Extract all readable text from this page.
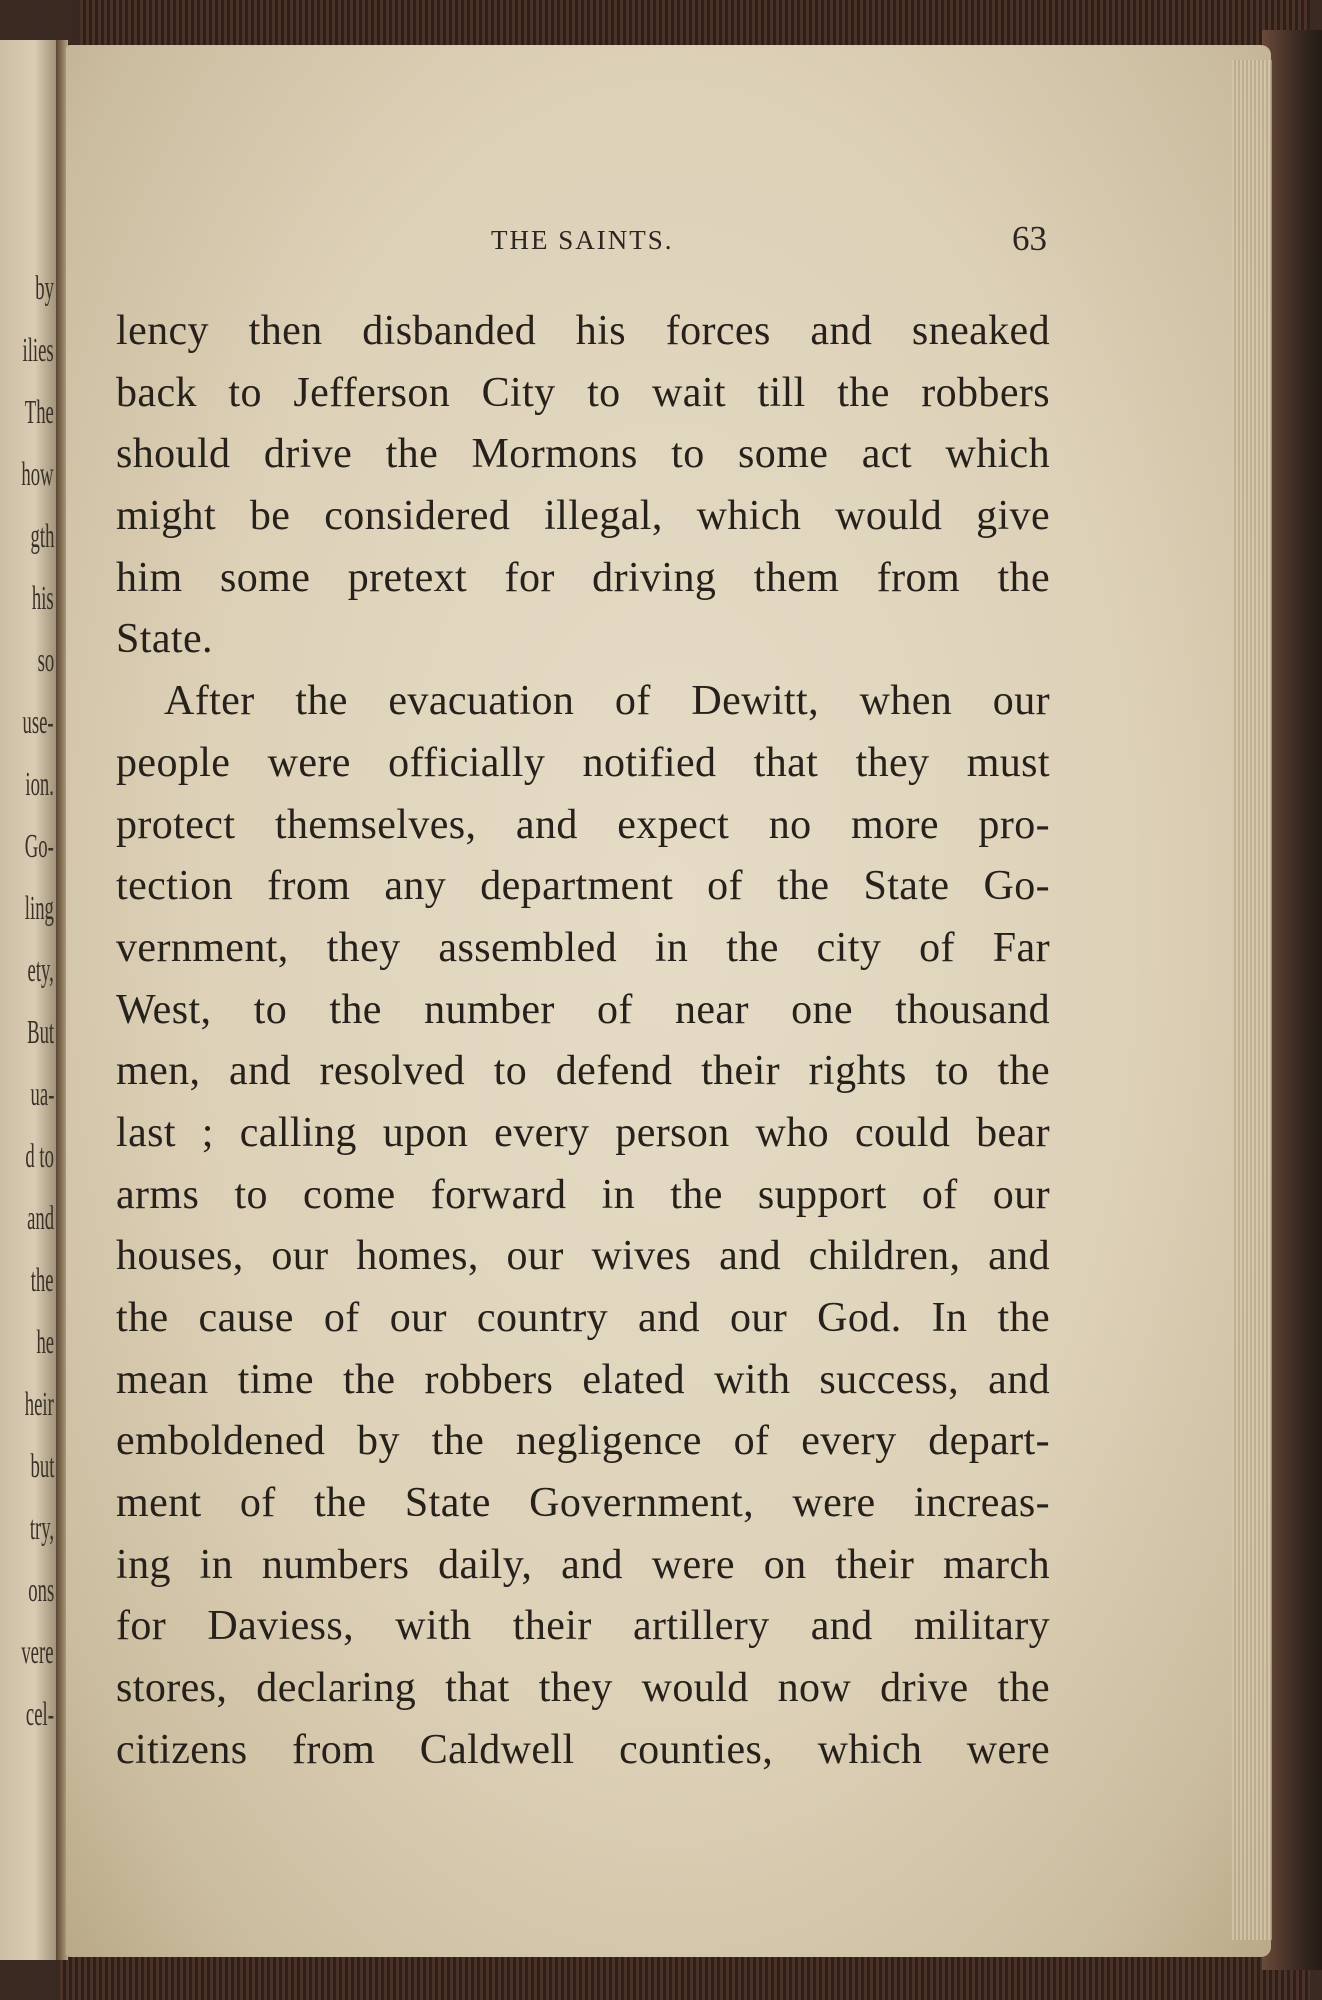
by
ilies
The
how
gth
his
so
use-
ion.
Go-
ling
ety,
But
ua-
d to
and
the
he
heir
but
try,
ons
vere
cel-
THE SAINTS.	63
lency then disbanded his forces and sneaked
back to Jefferson City to wait till the robbers
should drive the Mormons to some act which
might be considered illegal, which would give
him some pretext for driving them from the
State.
After the evacuation of Dewitt, when our
people were officially notified that they must
protect themselves, and expect no more pro-
tection from any department of the State Go-
vernment, they assembled in the city of Far
West, to the number of near one thousand
men, and resolved to defend their rights to the
last ; calling upon every person who could bear
arms to come forward in the support of our
houses, our homes, our wives and children, and
the cause of our country and our God. In the
mean time the robbers elated with success, and
emboldened by the negligence of every depart-
ment of the State Government, were increas-
ing in numbers daily, and were on their march
for Daviess, with their artillery and military
stores, declaring that they would now drive the
citizens from Caldwell counties, which were
